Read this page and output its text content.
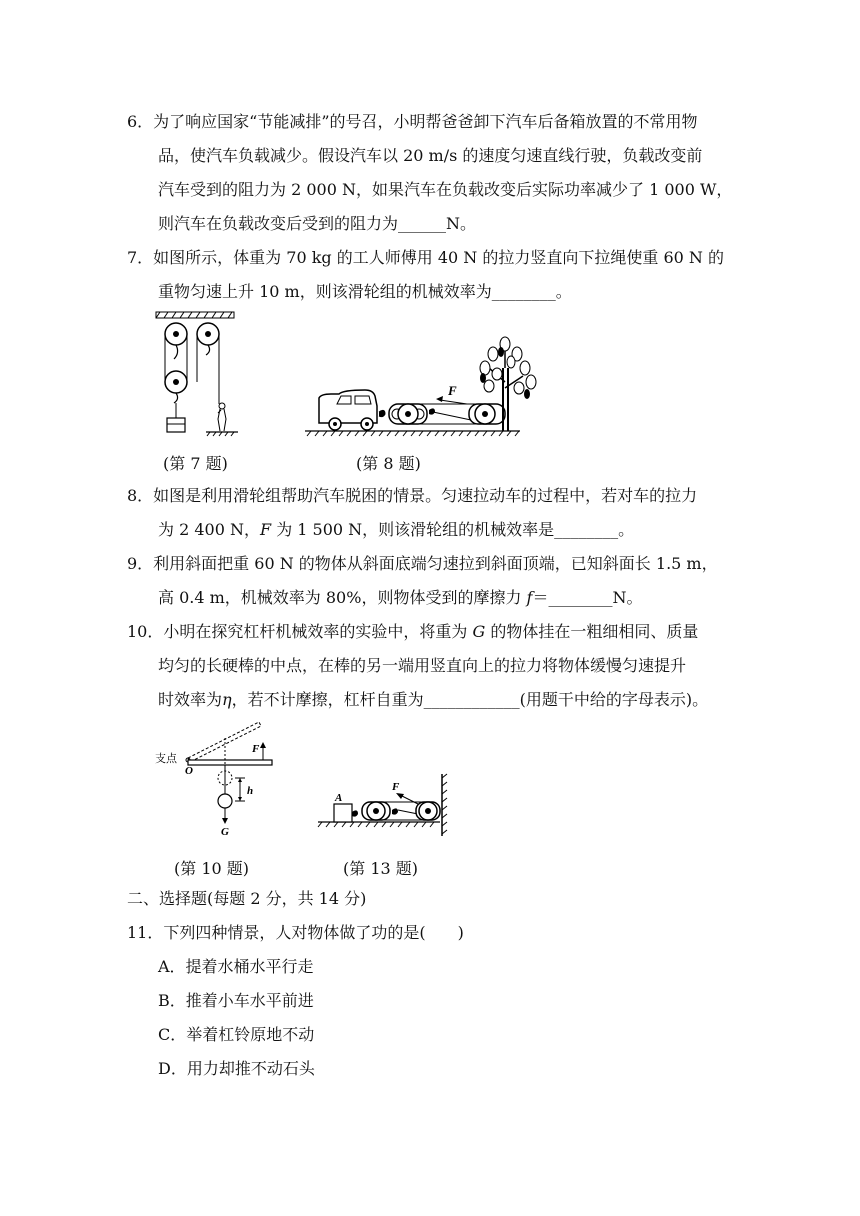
6．为了响应国家“节能减排”的号召，小明帮爸爸卸下汽车后备箱放置的不常用物
品，使汽车负载减少。假设汽车以 20 m/s 的速度匀速直线行驶，负载改变前
汽车受到的阻力为 2 000 N，如果汽车在负载改变后实际功率减少了 1 000 W，
则汽车在负载改变后受到的阻力为______N。
7．如图所示，体重为 70 kg 的工人师傅用 40 N 的拉力竖直向下拉绳使重 60 N 的
重物匀速上升 10 m，则该滑轮组的机械效率为________。
F
(第 7 题)	(第 8 题)
8．如图是利用滑轮组帮助汽车脱困的情景。匀速拉动车的过程中，若对车的拉力
为 2 400 N，F 为 1 500 N，则该滑轮组的机械效率是________。
9．利用斜面把重 60 N 的物体从斜面底端匀速拉到斜面顶端，已知斜面长 1.5 m，
高 0.4 m，机械效率为 80%，则物体受到的摩擦力 f＝________N。
10．小明在探究杠杆机械效率的实验中，将重为 G 的物体挂在一粗细相同、质量
均匀的长硬棒的中点，在棒的另一端用竖直向上的拉力将物体缓慢匀速提升
时效率为η，若不计摩擦，杠杆自重为____________(用题干中给的字母表示)。
支点
O
F
h
G
A
F
(第 10 题)	(第 13 题)
二、选择题(每题 2 分，共 14 分)
11．下列四种情景，人对物体做了功的是(　　)
A．提着水桶水平行走
B．推着小车水平前进
C．举着杠铃原地不动
D．用力却推不动石头
